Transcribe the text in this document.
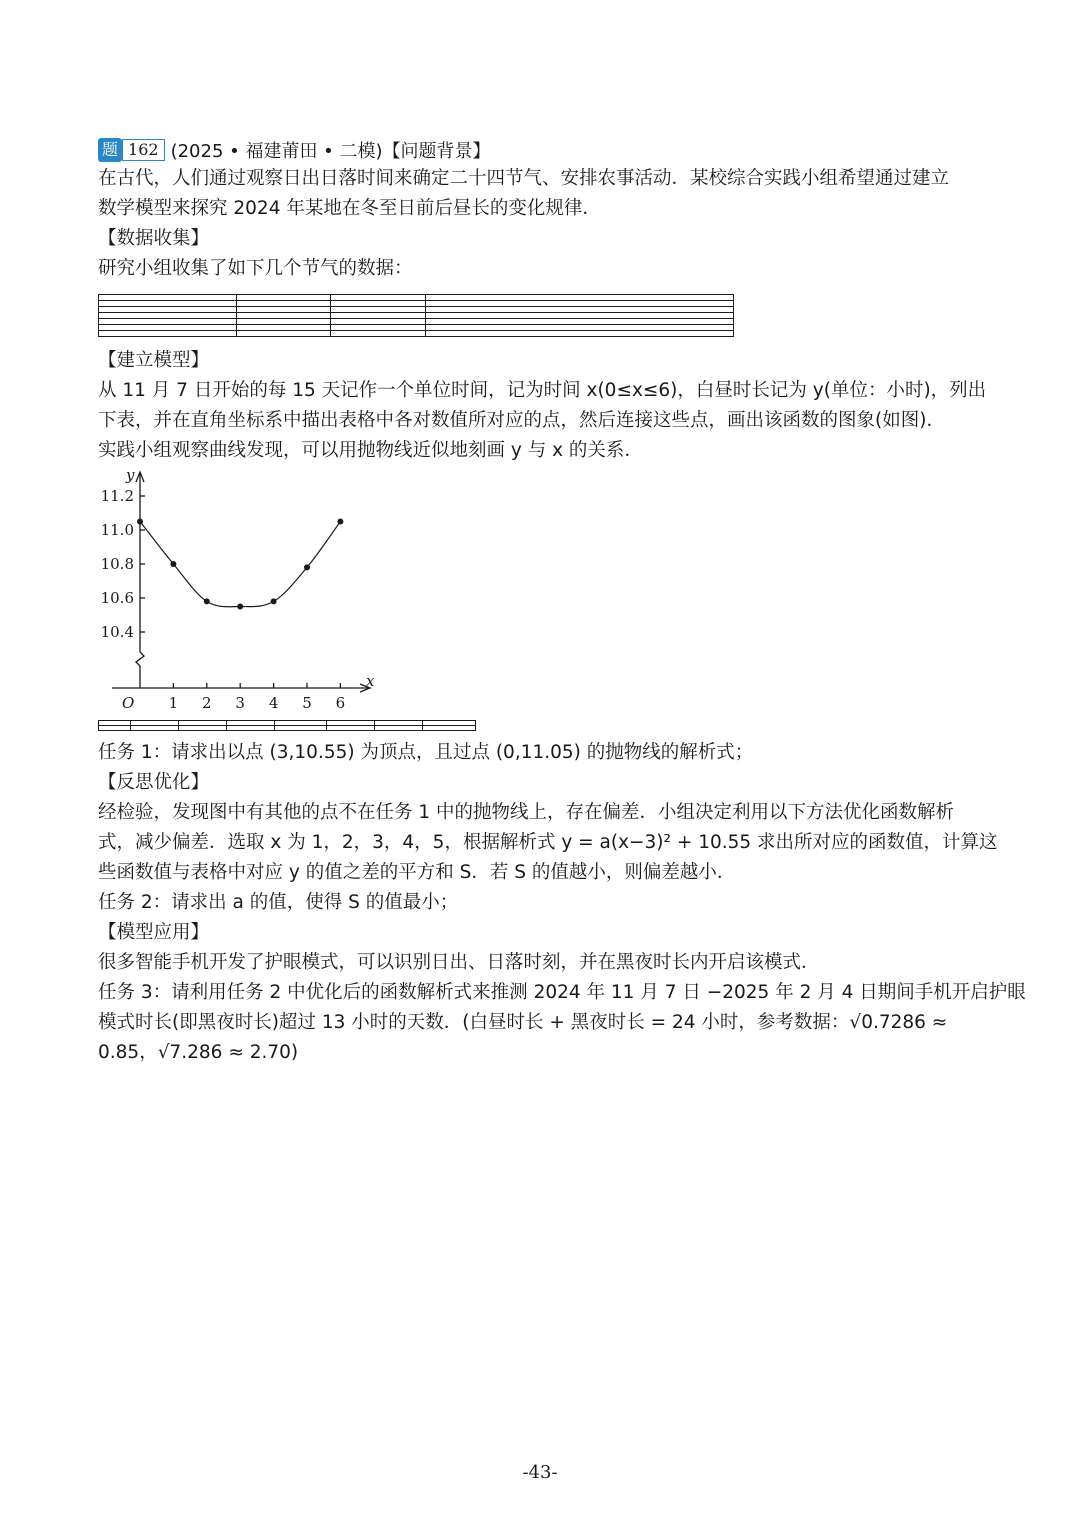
题 162 (2025 • 福建莆田 • 二模) 【问题背景】
在古代，人们通过观察日出日落时间来确定二十四节气、安排农事活动．某校综合实践小组希望通过建立
数学模型来探究 2024 年某地在冬至日前后昼长的变化规律．
【数据收集】
研究小组收集了如下几个节气的数据：
【建立模型】
从 11 月 7 日开始的每 15 天记作一个单位时间，记为时间 x(0≤x≤6)，白昼时长记为 y(单位：小时)，列出
下表，并在直角坐标系中描出表格中各对数值所对应的点，然后连接这些点，画出该函数的图象(如图)．
实践小组观察曲线发现，可以用抛物线近似地刻画 y 与 x 的关系．
1 2 3 4 5 6
10.4
10.6
10.8
11.0
11.2
x
y
O
任务 1：请求出以点 (3,10.55) 为顶点，且过点 (0,11.05) 的抛物线的解析式；
【反思优化】
经检验，发现图中有其他的点不在任务 1 中的抛物线上，存在偏差．小组决定利用以下方法优化函数解析
式，减少偏差．选取 x 为 1，2，3，4，5，根据解析式 y = a(x−3)² + 10.55 求出所对应的函数值，计算这
些函数值与表格中对应 y 的值之差的平方和 S．若 S 的值越小，则偏差越小．
任务 2：请求出 a 的值，使得 S 的值最小；
【模型应用】
很多智能手机开发了护眼模式，可以识别日出、日落时刻，并在黑夜时长内开启该模式．
任务 3：请利用任务 2 中优化后的函数解析式来推测 2024 年 11 月 7 日 −2025 年 2 月 4 日期间手机开启护眼
模式时长(即黑夜时长)超过 13 小时的天数．(白昼时长 + 黑夜时长 = 24 小时，参考数据：√0.7286 ≈
0.85，√7.286 ≈ 2.70)
-43-
